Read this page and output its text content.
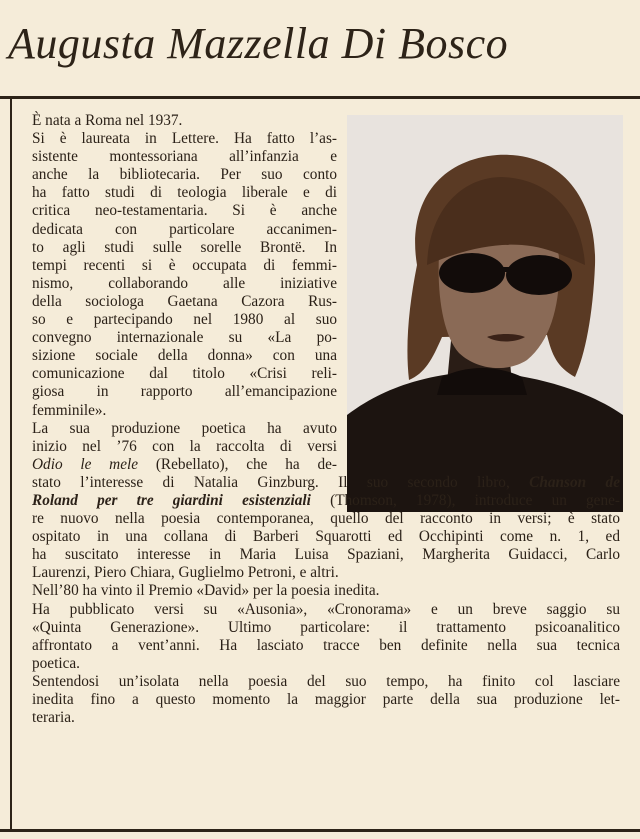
Augusta Mazzella Di Bosco
È nata a Roma nel 1937.
Si è laureata in Lettere. Ha fatto l’as-
sistente montessoriana all’infanzia e
anche la bibliotecaria. Per suo conto
ha fatto studi di teologia liberale e di
critica neo-testamentaria. Si è anche
dedicata con particolare accanimen-
to agli studi sulle sorelle Brontë. In
tempi recenti si è occupata di femmi-
nismo, collaborando alle iniziative
della sociologa Gaetana Cazora Rus-
so e partecipando nel 1980 al suo
convegno internazionale su «La po-
sizione sociale della donna» con una
comunicazione dal titolo «Crisi reli-
giosa in rapporto all’emancipazione
femminile».
La sua produzione poetica ha avuto
inizio nel ’76 con la raccolta di versi
Odio le mele (Rebellato), che ha de-
stato l’interesse di Natalia Ginzburg. Il suo secondo libro, Chanson de
Roland per tre giardini esistenziali (Thomson, 1978), introduce un gene-
re nuovo nella poesia contemporanea, quello del racconto in versi; è stato
ospitato in una collana di Barberi Squarotti ed Occhipinti come n. 1, ed
ha suscitato interesse in Maria Luisa Spaziani, Margherita Guidacci, Carlo
Laurenzi, Piero Chiara, Guglielmo Petroni, e altri.
Nell’80 ha vinto il Premio «David» per la poesia inedita.
Ha pubblicato versi su «Ausonia», «Cronorama» e un breve saggio su
«Quinta Generazione». Ultimo particolare: il trattamento psicoanalitico
affrontato a vent’anni. Ha lasciato tracce ben definite nella sua tecnica
poetica.
Sentendosi un’isolata nella poesia del suo tempo, ha finito col lasciare
inedita fino a questo momento la maggior parte della sua produzione let-
teraria.
